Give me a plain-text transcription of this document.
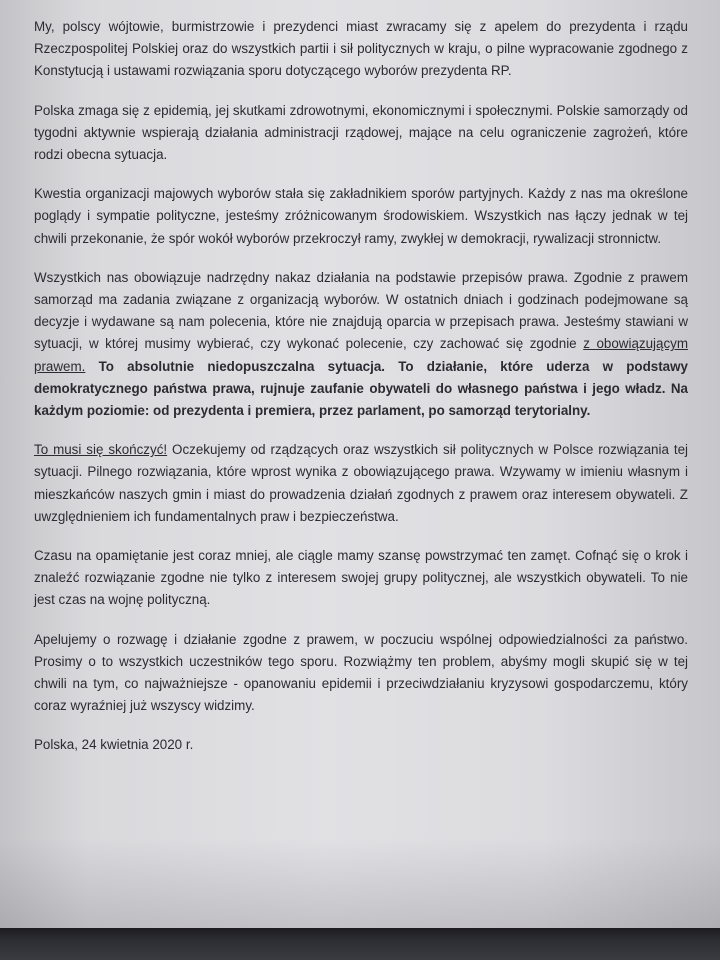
My, polscy wójtowie, burmistrzowie i prezydenci miast zwracamy się z apelem do prezydenta i rządu Rzeczpospolitej Polskiej oraz do wszystkich partii i sił politycznych w kraju, o pilne wypracowanie zgodnego z Konstytucją i ustawami rozwiązania sporu dotyczącego wyborów prezydenta RP.

Polska zmaga się z epidemią, jej skutkami zdrowotnymi, ekonomicznymi i społecznymi. Polskie samorządy od tygodni aktywnie wspierają działania administracji rządowej, mające na celu ograniczenie zagrożeń, które rodzi obecna sytuacja.

Kwestia organizacji majowych wyborów stała się zakładnikiem sporów partyjnych. Każdy z nas ma określone poglądy i sympatie polityczne, jesteśmy zróżnicowanym środowiskiem. Wszystkich nas łączy jednak w tej chwili przekonanie, że spór wokół wyborów przekroczył ramy, zwykłej w demokracji, rywalizacji stronnictw.

Wszystkich nas obowiązuje nadrzędny nakaz działania na podstawie przepisów prawa. Zgodnie z prawem samorząd ma zadania związane z organizacją wyborów. W ostatnich dniach i godzinach podejmowane są decyzje i wydawane są nam polecenia, które nie znajdują oparcia w przepisach prawa. Jesteśmy stawiani w sytuacji, w której musimy wybierać, czy wykonać polecenie, czy zachować się zgodnie z obowiązującym prawem. To absolutnie niedopuszczalna sytuacja. To działanie, które uderza w podstawy demokratycznego państwa prawa, rujnuje zaufanie obywateli do własnego państwa i jego władz. Na każdym poziomie: od prezydenta i premiera, przez parlament, po samorząd terytorialny.

To musi się skończyć! Oczekujemy od rządzących oraz wszystkich sił politycznych w Polsce rozwiązania tej sytuacji. Pilnego rozwiązania, które wprost wynika z obowiązującego prawa. Wzywamy w imieniu własnym i mieszkańców naszych gmin i miast do prowadzenia działań zgodnych z prawem oraz interesem obywateli. Z uwzględnieniem ich fundamentalnych praw i bezpieczeństwa.

Czasu na opamiętanie jest coraz mniej, ale ciągle mamy szansę powstrzymać ten zamęt. Cofnąć się o krok i znaleźć rozwiązanie zgodne nie tylko z interesem swojej grupy politycznej, ale wszystkich obywateli. To nie jest czas na wojnę polityczną.

Apelujemy o rozwagę i działanie zgodne z prawem, w poczuciu wspólnej odpowiedzialności za państwo. Prosimy o to wszystkich uczestników tego sporu. Rozwiążmy ten problem, abyśmy mogli skupić się w tej chwili na tym, co najważniejsze - opanowaniu epidemii i przeciwdziałaniu kryzysowi gospodarczemu, który coraz wyraźniej już wszyscy widzimy.

Polska, 24 kwietnia 2020 r.
